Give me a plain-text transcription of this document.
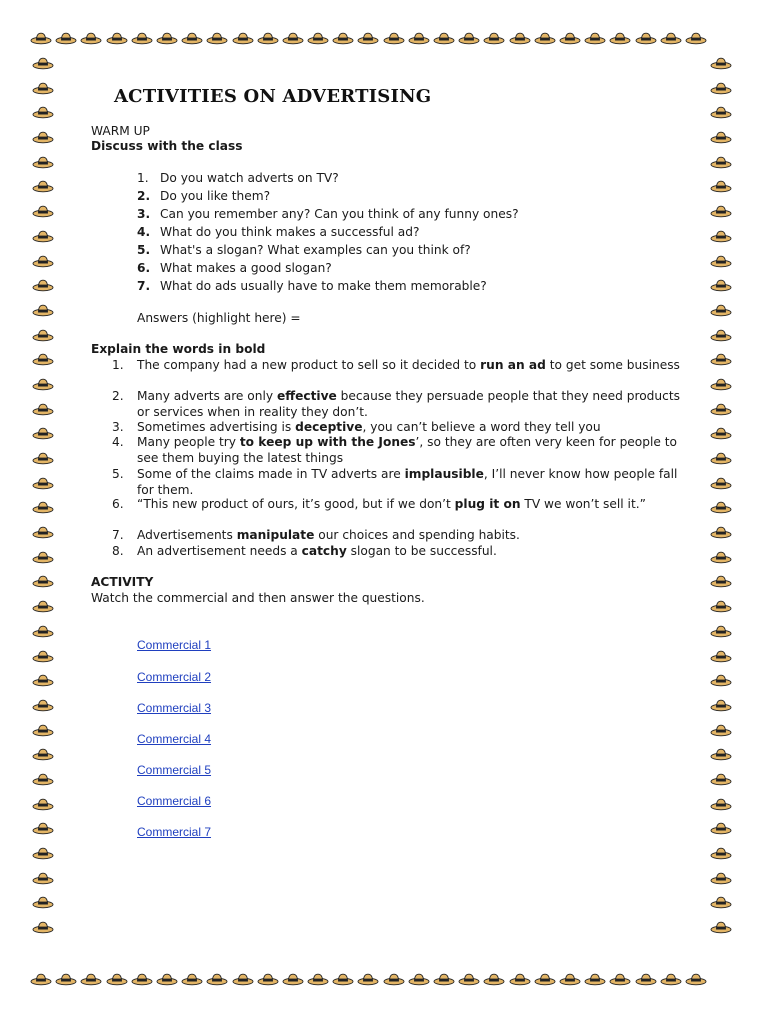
ACTIVITIES ON ADVERTISING
WARM UP
Discuss with the class
1. Do you watch adverts on TV?
2. Do you like them?
3. Can you remember any? Can you think of any funny ones?
4. What do you think makes a successful ad?
5. What's a slogan? What examples can you think of?
6. What makes a good slogan?
7. What do ads usually have to make them memorable?
Answers (highlight here) =
Explain the words in bold
1. The company had a new product to sell so it decided to run an ad to get some business
2. Many adverts are only effective because they persuade people that they need products or services when in reality they don’t.
3. Sometimes advertising is deceptive, you can’t believe a word they tell you
4. Many people try to keep up with the Jones’, so they are often very keen for people to see them buying the latest things
5. Some of the claims made in TV adverts are implausible, I’ll never know how people fall for them.
6. “This new product of ours, it’s good, but if we don’t plug it on TV we won’t sell it.”
7. Advertisements manipulate our choices and spending habits.
8. An advertisement needs a catchy slogan to be successful.
ACTIVITY
Watch the commercial and then answer the questions.
Commercial 1
Commercial 2
Commercial 3
Commercial 4
Commercial 5
Commercial 6
Commercial 7
